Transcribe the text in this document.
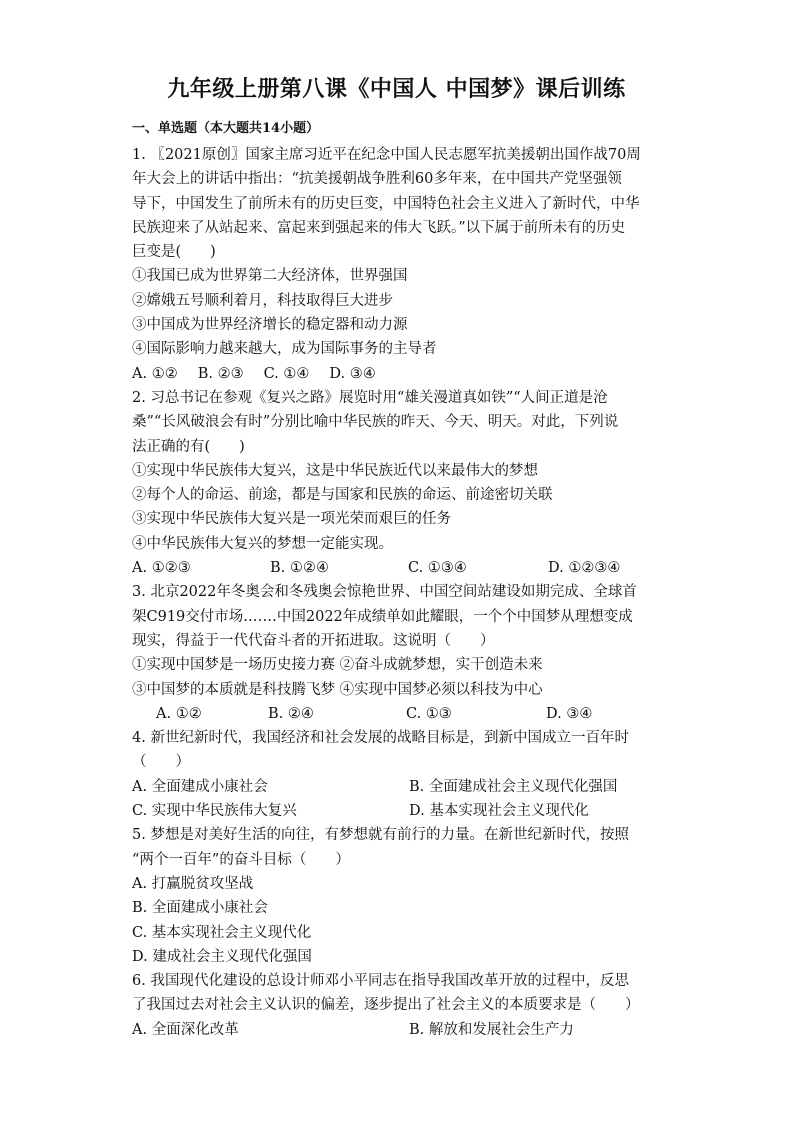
九年级上册第八课《中国人 中国梦》课后训练
一、单选题（本大题共14小题）

1. 〖2021原创〗国家主席习近平在纪念中国人民志愿军抗美援朝出国作战70周

年大会上的讲话中指出：“抗美援朝战争胜利60多年来，在中国共产党坚强领

导下，中国发生了前所未有的历史巨变，中国特色社会主义进入了新时代，中华

民族迎来了从站起来、富起来到强起来的伟大飞跃。”以下属于前所未有的历史

巨变是(　　)

①我国已成为世界第二大经济体，世界强国

②嫦娥五号顺利着月，科技取得巨大进步

③中国成为世界经济增长的稳定器和动力源

④国际影响力越来越大，成为国际事务的主导者

A. ①② B. ②③ C. ①④ D. ③④

2. 习总书记在参观《复兴之路》展览时用“雄关漫道真如铁”“人间正道是沧

桑”“长风破浪会有时”分别比喻中华民族的昨天、今天、明天。对此，下列说

法正确的有(　　)

①实现中华民族伟大复兴，这是中华民族近代以来最伟大的梦想

②每个人的命运、前途，都是与国家和民族的命运、前途密切关联

③实现中华民族伟大复兴是一项光荣而艰巨的任务

④中华民族伟大复兴的梦想一定能实现。

A. ①②③	B. ①②④	C. ①③④	D. ①②③④

3. 北京2022年冬奥会和冬残奥会惊艳世界、中国空间站建设如期完成、全球首

架C919交付市场.……中国2022年成绩单如此耀眼，一个个中国梦从理想变成

现实，得益于一代代奋斗者的开拓进取。这说明（　　）

①实现中国梦是一场历史接力赛 ②奋斗成就梦想，实干创造未来

③中国梦的本质就是科技腾飞梦 ④实现中国梦必须以科技为中心

A. ①②	B. ②④	C. ①③	D. ③④

4. 新世纪新时代，我国经济和社会发展的战略目标是，到新中国成立一百年时

（　　）

A. 全面建成小康社会	B. 全面建成社会主义现代化强国

C. 实现中华民族伟大复兴	D. 基本实现社会主义现代化

5. 梦想是对美好生活的向往，有梦想就有前行的力量。在新世纪新时代，按照

“两个一百年”的奋斗目标（　　）

A. 打赢脱贫攻坚战

B. 全面建成小康社会

C. 基本实现社会主义现代化

D. 建成社会主义现代化强国

6. 我国现代化建设的总设计师邓小平同志在指导我国改革开放的过程中，反思

了我国过去对社会主义认识的偏差，逐步提出了社会主义的本质要求是（　　）

A. 全面深化改革	B. 解放和发展社会生产力
